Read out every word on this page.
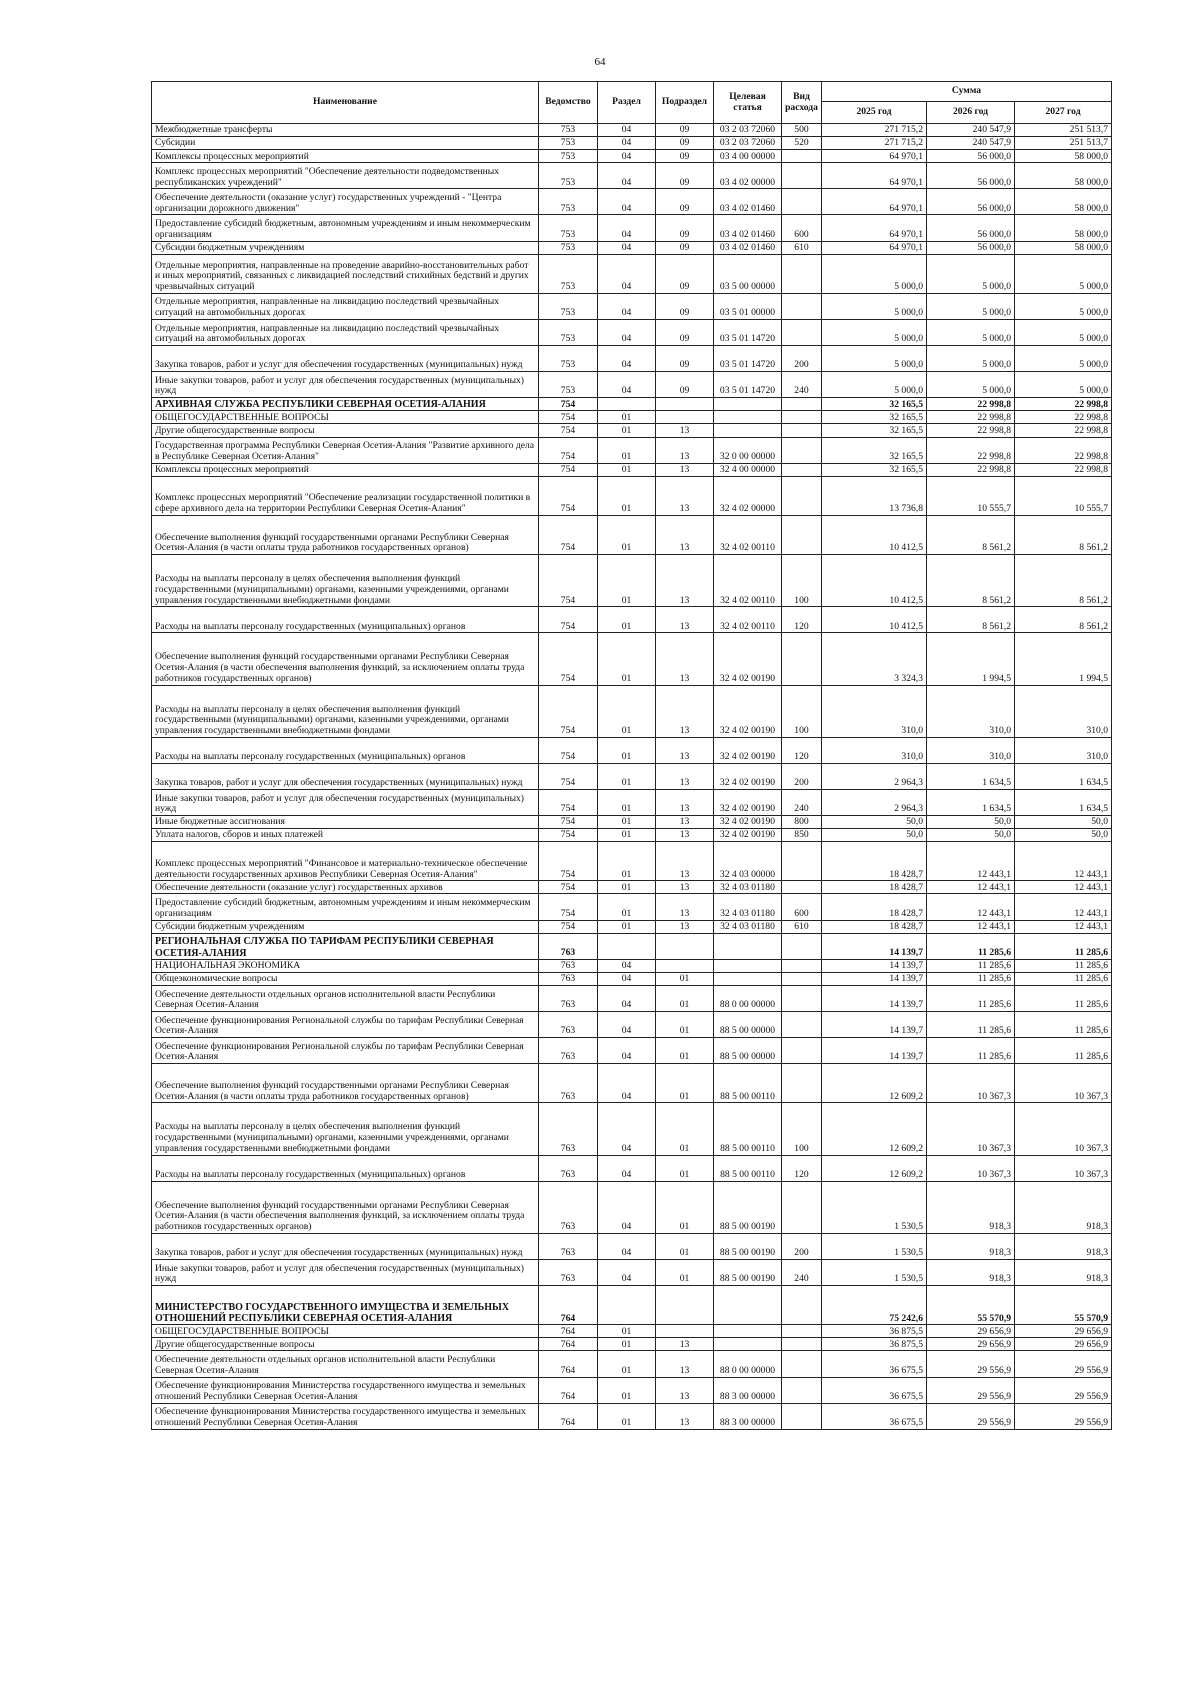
64
Наименование	Ведомство	Раздел	Подраздел	Целевая статья	Вид расхода	Сумма		
						2025 год	2026 год	2027 год
Межбюджетные трансферты	753	04	09	03 2 03 72060	500	271 715,2	240 547,9	251 513,7
Субсидии	753	04	09	03 2 03 72060	520	271 715,2	240 547,9	251 513,7
Комплексы процессных мероприятий	753	04	09	03 4 00 00000		64 970,1	56 000,0	58 000,0
Комплекс процессных мероприятий "Обеспечение деятельности подведомственных республиканских учреждений"	753	04	09	03 4 02 00000		64 970,1	56 000,0	58 000,0
Обеспечение деятельности (оказание услуг) государственных учреждений - "Центра организации дорожного движения"	753	04	09	03 4 02 01460		64 970,1	56 000,0	58 000,0
Предоставление субсидий бюджетным, автономным учреждениям и иным некоммерческим организациям	753	04	09	03 4 02 01460	600	64 970,1	56 000,0	58 000,0
Субсидии бюджетным учреждениям	753	04	09	03 4 02 01460	610	64 970,1	56 000,0	58 000,0
Отдельные мероприятия, направленные на проведение аварийно-восстановительных работ и иных мероприятий, связанных с ликвидацией последствий стихийных бедствий и других чрезвычайных ситуаций	753	04	09	03 5 00 00000		5 000,0	5 000,0	5 000,0
Отдельные мероприятия, направленные на ликвидацию последствий чрезвычайных ситуаций на автомобильных дорогах	753	04	09	03 5 01 00000		5 000,0	5 000,0	5 000,0
Отдельные мероприятия, направленные на ликвидацию последствий чрезвычайных ситуаций на автомобильных дорогах	753	04	09	03 5 01 14720		5 000,0	5 000,0	5 000,0
Закупка товаров, работ и услуг для обеспечения государственных (муниципальных) нужд	753	04	09	03 5 01 14720	200	5 000,0	5 000,0	5 000,0
Иные закупки товаров, работ и услуг для обеспечения государственных (муниципальных) нужд	753	04	09	03 5 01 14720	240	5 000,0	5 000,0	5 000,0
АРХИВНАЯ СЛУЖБА РЕСПУБЛИКИ СЕВЕРНАЯ ОСЕТИЯ-АЛАНИЯ	754					32 165,5	22 998,8	22 998,8
ОБЩЕГОСУДАРСТВЕННЫЕ ВОПРОСЫ	754	01				32 165,5	22 998,8	22 998,8
Другие общегосударственные вопросы	754	01	13			32 165,5	22 998,8	22 998,8
Государственная программа Республики Северная Осетия-Алания "Развитие архивного дела в Республике Северная Осетия-Алания"	754	01	13	32 0 00 00000		32 165,5	22 998,8	22 998,8
Комплексы процессных мероприятий	754	01	13	32 4 00 00000		32 165,5	22 998,8	22 998,8
Комплекс процессных мероприятий "Обеспечение реализации государственной политики в сфере архивного дела на территории Республики Северная Осетия-Алания"	754	01	13	32 4 02 00000		13 736,8	10 555,7	10 555,7
Обеспечение выполнения функций государственными органами Республики Северная Осетия-Алания (в части оплаты труда работников государственных органов)	754	01	13	32 4 02 00110		10 412,5	8 561,2	8 561,2
Расходы на выплаты персоналу в целях обеспечения выполнения функций государственными (муниципальными) органами, казенными учреждениями, органами управления государственными внебюджетными фондами	754	01	13	32 4 02 00110	100	10 412,5	8 561,2	8 561,2
Расходы на выплаты персоналу государственных (муниципальных) органов	754	01	13	32 4 02 00110	120	10 412,5	8 561,2	8 561,2
Обеспечение выполнения функций государственными органами Республики Северная Осетия-Алания (в части обеспечения выполнения функций, за исключением оплаты труда работников государственных органов)	754	01	13	32 4 02 00190		3 324,3	1 994,5	1 994,5
Расходы на выплаты персоналу в целях обеспечения выполнения функций государственными (муниципальными) органами, казенными учреждениями, органами управления государственными внебюджетными фондами	754	01	13	32 4 02 00190	100	310,0	310,0	310,0
Расходы на выплаты персоналу государственных (муниципальных) органов	754	01	13	32 4 02 00190	120	310,0	310,0	310,0
Закупка товаров, работ и услуг для обеспечения государственных (муниципальных) нужд	754	01	13	32 4 02 00190	200	2 964,3	1 634,5	1 634,5
Иные закупки товаров, работ и услуг для обеспечения государственных (муниципальных) нужд	754	01	13	32 4 02 00190	240	2 964,3	1 634,5	1 634,5
Иные бюджетные ассигнования	754	01	13	32 4 02 00190	800	50,0	50,0	50,0
Уплата налогов, сборов и иных платежей	754	01	13	32 4 02 00190	850	50,0	50,0	50,0
Комплекс процессных мероприятий "Финансовое и материально-техническое обеспечение деятельности государственных архивов Республики Северная Осетия-Алания"	754	01	13	32 4 03 00000		18 428,7	12 443,1	12 443,1
Обеспечение деятельности (оказание услуг) государственных архивов	754	01	13	32 4 03 01180		18 428,7	12 443,1	12 443,1
Предоставление субсидий бюджетным, автономным учреждениям и иным некоммерческим организациям	754	01	13	32 4 03 01180	600	18 428,7	12 443,1	12 443,1
Субсидии бюджетным учреждениям	754	01	13	32 4 03 01180	610	18 428,7	12 443,1	12 443,1
РЕГИОНАЛЬНАЯ СЛУЖБА ПО ТАРИФАМ РЕСПУБЛИКИ СЕВЕРНАЯ ОСЕТИЯ-АЛАНИЯ	763					14 139,7	11 285,6	11 285,6
НАЦИОНАЛЬНАЯ ЭКОНОМИКА	763	04				14 139,7	11 285,6	11 285,6
Общеэкономические вопросы	763	04	01			14 139,7	11 285,6	11 285,6
Обеспечение деятельности отдельных органов исполнительной власти Республики Северная Осетия-Алания	763	04	01	88 0 00 00000		14 139,7	11 285,6	11 285,6
Обеспечение функционирования Региональной службы по тарифам Республики Северная Осетия-Алания	763	04	01	88 5 00 00000		14 139,7	11 285,6	11 285,6
Обеспечение функционирования Региональной службы по тарифам Республики Северная Осетия-Алания	763	04	01	88 5 00 00000		14 139,7	11 285,6	11 285,6
Обеспечение выполнения функций государственными органами Республики Северная Осетия-Алания (в части оплаты труда работников государственных органов)	763	04	01	88 5 00 00110		12 609,2	10 367,3	10 367,3
Расходы на выплаты персоналу в целях обеспечения выполнения функций государственными (муниципальными) органами, казенными учреждениями, органами управления государственными внебюджетными фондами	763	04	01	88 5 00 00110	100	12 609,2	10 367,3	10 367,3
Расходы на выплаты персоналу государственных (муниципальных) органов	763	04	01	88 5 00 00110	120	12 609,2	10 367,3	10 367,3
Обеспечение выполнения функций государственными органами Республики Северная Осетия-Алания (в части обеспечения выполнения функций, за исключением оплаты труда работников государственных органов)	763	04	01	88 5 00 00190		1 530,5	918,3	918,3
Закупка товаров, работ и услуг для обеспечения государственных (муниципальных) нужд	763	04	01	88 5 00 00190	200	1 530,5	918,3	918,3
Иные закупки товаров, работ и услуг для обеспечения государственных (муниципальных) нужд	763	04	01	88 5 00 00190	240	1 530,5	918,3	918,3
МИНИСТЕРСТВО ГОСУДАРСТВЕННОГО ИМУЩЕСТВА И ЗЕМЕЛЬНЫХ ОТНОШЕНИЙ РЕСПУБЛИКИ СЕВЕРНАЯ ОСЕТИЯ-АЛАНИЯ	764					75 242,6	55 570,9	55 570,9
ОБЩЕГОСУДАРСТВЕННЫЕ ВОПРОСЫ	764	01				36 875,5	29 656,9	29 656,9
Другие общегосударственные вопросы	764	01	13			36 875,5	29 656,9	29 656,9
Обеспечение деятельности отдельных органов исполнительной власти Республики Северная Осетия-Алания	764	01	13	88 0 00 00000		36 675,5	29 556,9	29 556,9
Обеспечение функционирования Министерства государственного имущества и земельных отношений Республики Северная Осетия-Алания	764	01	13	88 3 00 00000		36 675,5	29 556,9	29 556,9
Обеспечение функционирования Министерства государственного имущества и земельных отношений Республики Северная Осетия-Алания	764	01	13	88 3 00 00000		36 675,5	29 556,9	29 556,9
